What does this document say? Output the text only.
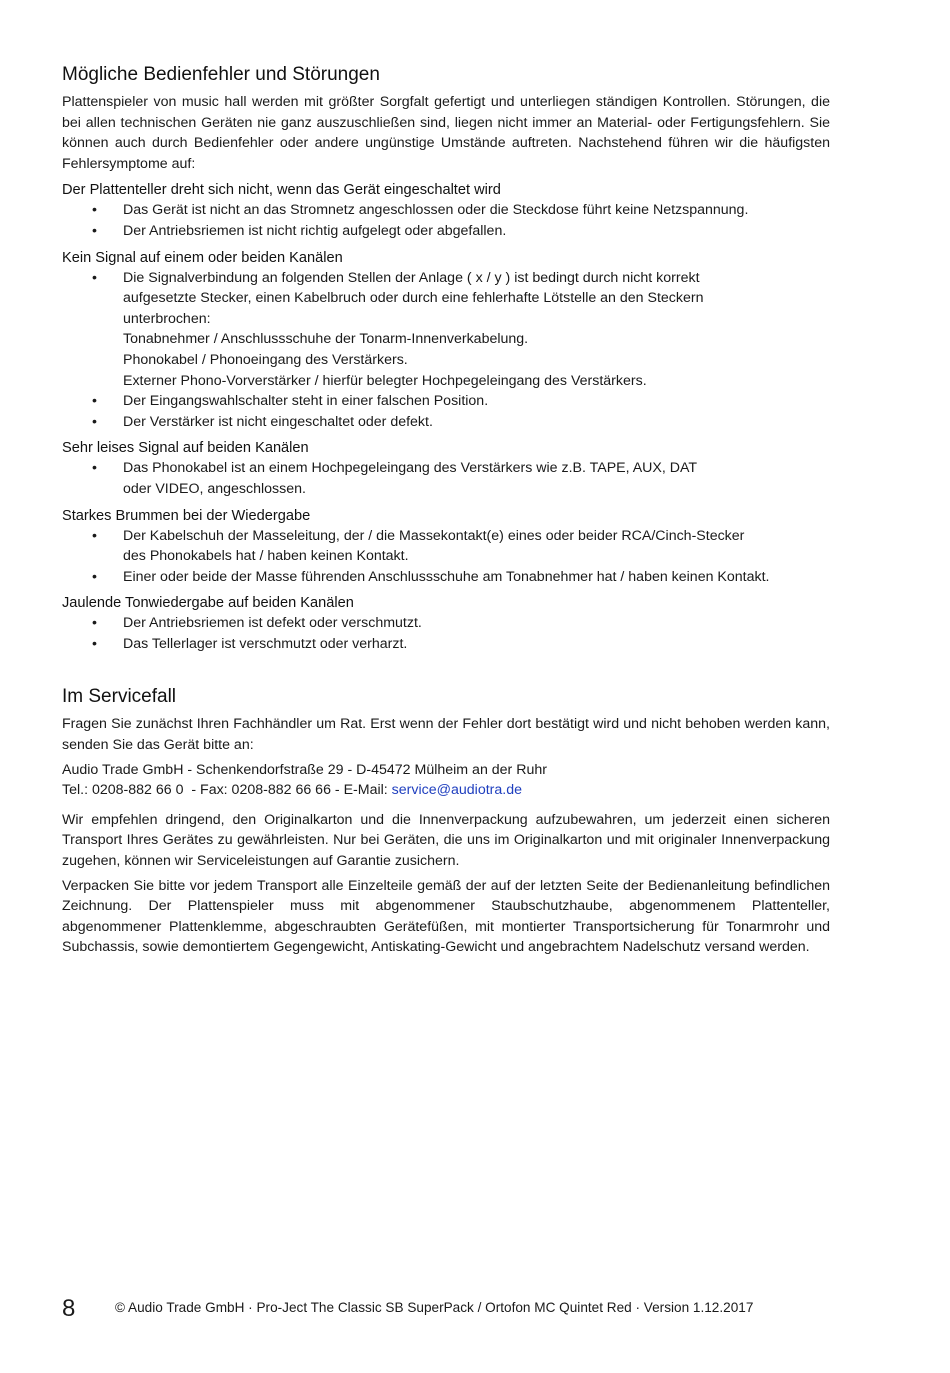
Mögliche Bedienfehler und Störungen

Plattenspieler von music hall werden mit größter Sorgfalt gefertigt und unterliegen ständigen Kontrollen. Störungen, die bei allen technischen Geräten nie ganz auszuschließen sind, liegen nicht immer an Material- oder Fertigungsfehlern. Sie können auch durch Bedienfehler oder andere ungünstige Umstände auftreten. Nachstehend führen wir die häufigsten Fehlersymptome auf:

Der Plattenteller dreht sich nicht, wenn das Gerät eingeschaltet wird
• Das Gerät ist nicht an das Stromnetz angeschlossen oder die Steckdose führt keine Netzspannung.
• Der Antriebsriemen ist nicht richtig aufgelegt oder abgefallen.
Kein Signal auf einem oder beiden Kanälen
• Die Signalverbindung an folgenden Stellen der Anlage ( x / y ) ist bedingt durch nicht korrekt
aufgesetzte Stecker, einen Kabelbruch oder durch eine fehlerhafte Lötstelle an den Steckern
unterbrochen:
Tonabnehmer / Anschlussschuhe der Tonarm-Innenverkabelung.
Phonokabel / Phonoeingang des Verstärkers.
Externer Phono-Vorverstärker / hierfür belegter Hochpegeleingang des Verstärkers.
• Der Eingangswahlschalter steht in einer falschen Position.
• Der Verstärker ist nicht eingeschaltet oder defekt.
Sehr leises Signal auf beiden Kanälen
• Das Phonokabel ist an einem Hochpegeleingang des Verstärkers wie z.B. TAPE, AUX, DAT
oder VIDEO, angeschlossen.
Starkes Brummen bei der Wiedergabe
• Der Kabelschuh der Masseleitung, der / die Massekontakt(e) eines oder beider RCA/Cinch-Stecker
des Phonokabels hat / haben keinen Kontakt.
• Einer oder beide der Masse führenden Anschlussschuhe am Tonabnehmer hat / haben keinen Kontakt.
Jaulende Tonwiedergabe auf beiden Kanälen
• Der Antriebsriemen ist defekt oder verschmutzt.
• Das Tellerlager ist verschmutzt oder verharzt.
Im Servicefall

Fragen Sie zunächst Ihren Fachhändler um Rat. Erst wenn der Fehler dort bestätigt wird und nicht behoben werden kann, senden Sie das Gerät bitte an:

Audio Trade GmbH - Schenkendorfstraße 29 - D-45472 Mülheim an der Ruhr

Tel.: 0208-882 66 0  - Fax: 0208-882 66 66 - E-Mail: service@audiotra.de

Wir empfehlen dringend, den Originalkarton und die Innenverpackung aufzubewahren, um jederzeit einen sicheren Transport Ihres Gerätes zu gewährleisten. Nur bei Geräten, die uns im Originalkarton und mit originaler Innenverpackung zugehen, können wir Serviceleistungen auf Garantie zusichern.

Verpacken Sie bitte vor jedem Transport alle Einzelteile gemäß der auf der letzten Seite der Bedienanleitung befindlichen Zeichnung. Der Plattenspieler muss mit abgenommener Staubschutzhaube, abgenommenem Plattenteller, abgenommener Plattenklemme, abgeschraubten Gerätefüßen, mit montierter Transportsicherung für Tonarmrohr und Subchassis, sowie demontiertem Gegengewicht, Antiskating-Gewicht und angebrachtem Nadelschutz versand werden.

8	© Audio Trade GmbH · Pro-Ject The Classic SB SuperPack / Ortofon MC Quintet Red · Version 1.12.2017
